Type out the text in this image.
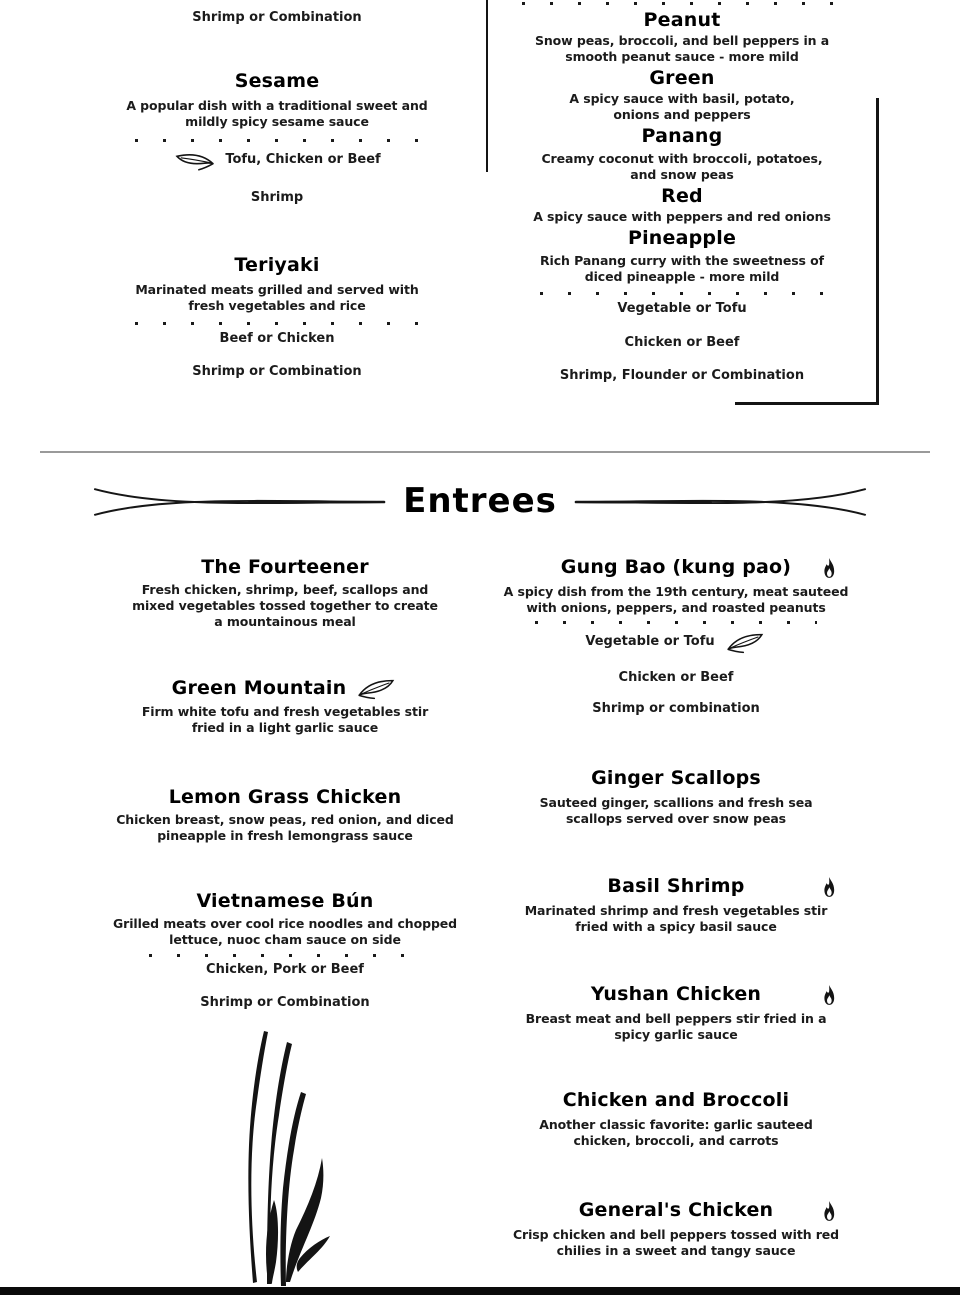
Shrimp or Combination
Sesame
A popular dish with a traditional sweet and mildly spicy sesame sauce
Tofu, Chicken or Beef
Shrimp
Teriyaki
Marinated meats grilled and served with fresh vegetables and rice
Beef or Chicken
Shrimp or Combination
Peanut
Snow peas, broccoli, and bell peppers in a smooth peanut sauce - more mild
Green
A spicy sauce with basil, potato, onions and peppers
Panang
Creamy coconut with broccoli, potatoes, and snow peas
Red
A spicy sauce with peppers and red onions
Pineapple
Rich Panang curry with the sweetness of diced pineapple - more mild
Vegetable or Tofu
Chicken or Beef
Shrimp, Flounder or Combination
Entrees
The Fourteener
Fresh chicken, shrimp, beef, scallops and mixed vegetables tossed together to create a mountainous meal
Green Mountain
Firm white tofu and fresh vegetables stir fried in a light garlic sauce
Lemon Grass Chicken
Chicken breast, snow peas, red onion, and diced pineapple in fresh lemongrass sauce
Vietnamese Bún
Grilled meats over cool rice noodles and chopped lettuce, nuoc cham sauce on side
Chicken, Pork or Beef
Shrimp or Combination
Gung Bao (kung pao)
A spicy dish from the 19th century, meat sauteed with onions, peppers, and roasted peanuts
Vegetable or Tofu
Chicken or Beef
Shrimp or combination
Ginger Scallops
Sauteed ginger, scallions and fresh sea scallops served over snow peas
Basil Shrimp
Marinated shrimp and fresh vegetables stir fried with a spicy basil sauce
Yushan Chicken
Breast meat and bell peppers stir fried in a spicy garlic sauce
Chicken and Broccoli
Another classic favorite: garlic sauteed chicken, broccoli, and carrots
General's Chicken
Crisp chicken and bell peppers tossed with red chilies in a sweet and tangy sauce
